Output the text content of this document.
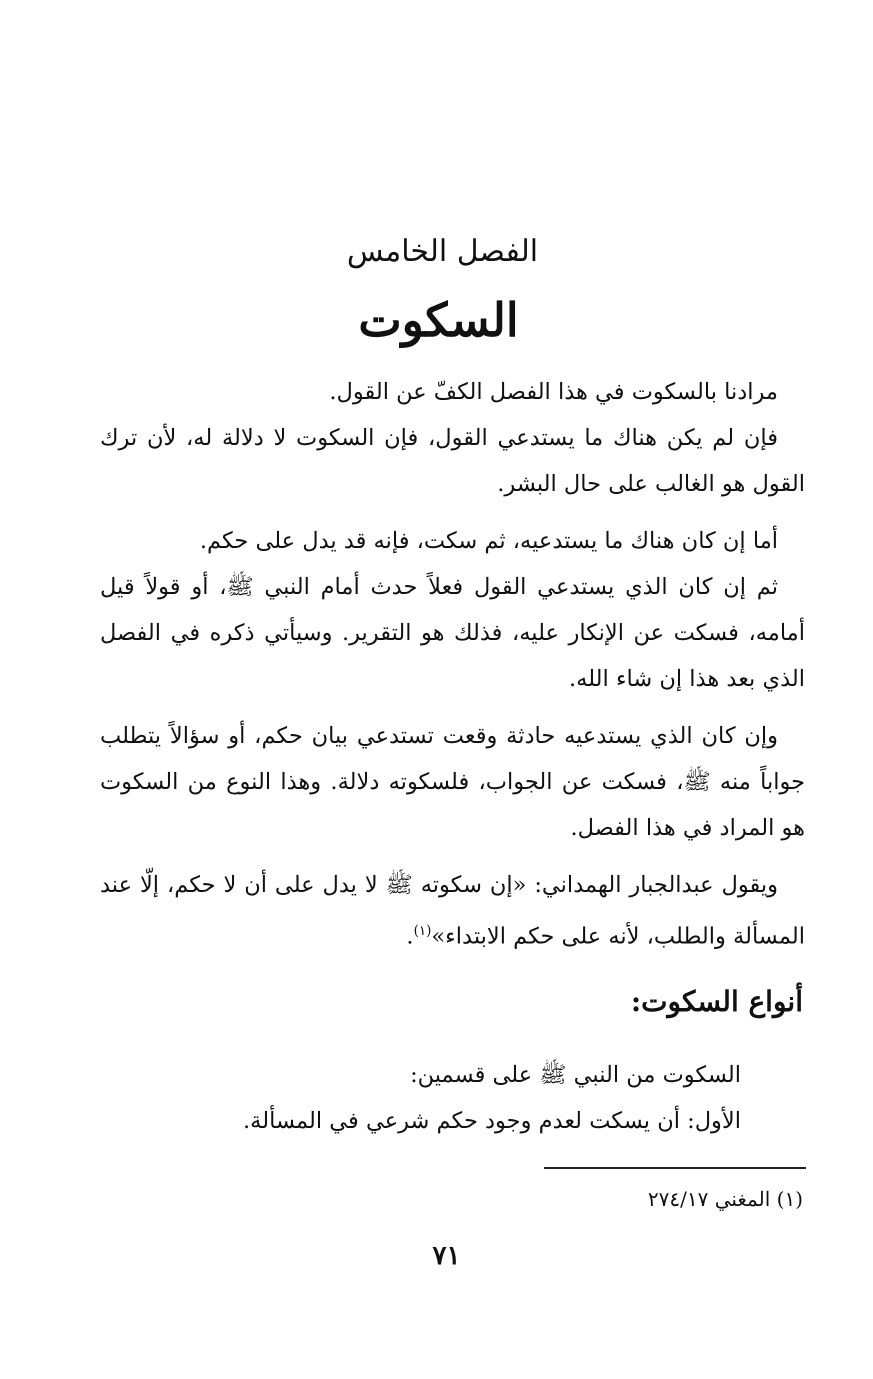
الفصل الخامس
السكوت

مرادنا بالسكوت في هذا الفصل الكفّ عن القول.

فإن لم يكن هناك ما يستدعي القول، فإن السكوت لا دلالة له، لأن ترك القول هو الغالب على حال البشر.

أما إن كان هناك ما يستدعيه، ثم سكت، فإنه قد يدل على حكم.

ثم إن كان الذي يستدعي القول فعلاً حدث أمام النبي ﷺ، أو قولاً قيل أمامه، فسكت عن الإنكار عليه، فذلك هو التقرير. وسيأتي ذكره في الفصل الذي بعد هذا إن شاء الله.

وإن كان الذي يستدعيه حادثة وقعت تستدعي بيان حكم، أو سؤالاً يتطلب جواباً منه ﷺ، فسكت عن الجواب، فلسكوته دلالة. وهذا النوع من السكوت هو المراد في هذا الفصل.

ويقول عبدالجبار الهمداني: «إن سكوته ﷺ لا يدل على أن لا حكم، إلّا عند المسألة والطلب، لأنه على حكم الابتداء»$^{(١)}$.

أنواع السكوت:

السكوت من النبي ﷺ على قسمين:

الأول: أن يسكت لعدم وجود حكم شرعي في المسألة.

(١) المغني ٢٧٤/١٧
٧١
